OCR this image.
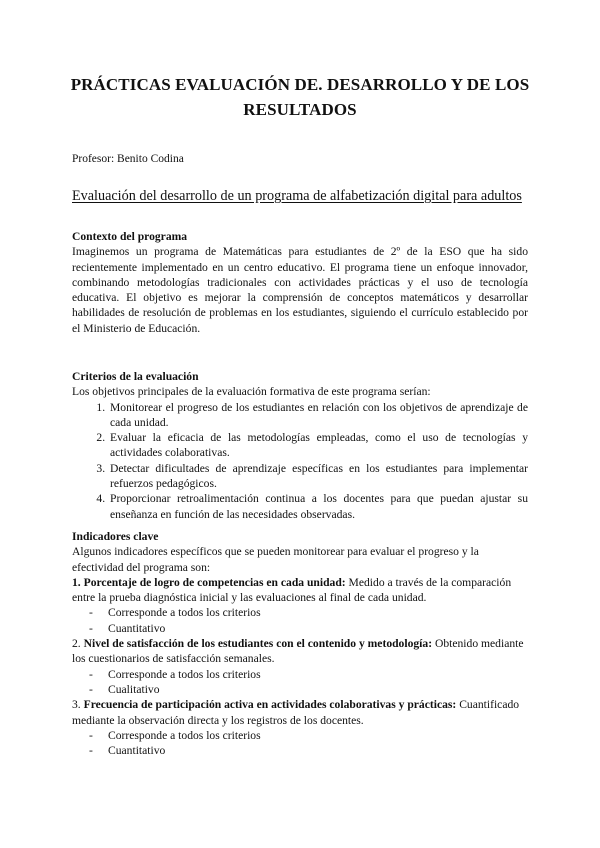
PRÁCTICAS EVALUACIÓN DE. DESARROLLO Y DE LOS RESULTADOS
Profesor: Benito Codina
Evaluación del desarrollo de un programa de alfabetización digital para adultos
Contexto del programa

Imaginemos un programa de Matemáticas para estudiantes de 2º de la ESO que ha sido recientemente implementado en un centro educativo. El programa tiene un enfoque innovador, combinando metodologías tradicionales con actividades prácticas y el uso de tecnología educativa. El objetivo es mejorar la comprensión de conceptos matemáticos y desarrollar habilidades de resolución de problemas en los estudiantes, siguiendo el currículo establecido por el Ministerio de Educación.

Criterios de la evaluación
Los objetivos principales de la evaluación formativa de este programa serían:
1. Monitorear el progreso de los estudiantes en relación con los objetivos de aprendizaje de cada unidad.
2. Evaluar la eficacia de las metodologías empleadas, como el uso de tecnologías y actividades colaborativas.
3. Detectar dificultades de aprendizaje específicas en los estudiantes para implementar refuerzos pedagógicos.
4. Proporcionar retroalimentación continua a los docentes para que puedan ajustar su enseñanza en función de las necesidades observadas.
Indicadores clave

Algunos indicadores específicos que se pueden monitorear para evaluar el progreso y la efectividad del programa son:

1. Porcentaje de logro de competencias en cada unidad: Medido a través de la comparación entre la prueba diagnóstica inicial y las evaluaciones al final de cada unidad.

- Corresponde a todos los criterios
- Cuantitativo

2. Nivel de satisfacción de los estudiantes con el contenido y metodología: Obtenido mediante los cuestionarios de satisfacción semanales.

- Corresponde a todos los criterios
- Cualitativo

3. Frecuencia de participación activa en actividades colaborativas y prácticas: Cuantificado mediante la observación directa y los registros de los docentes.

- Corresponde a todos los criterios
- Cuantitativo
